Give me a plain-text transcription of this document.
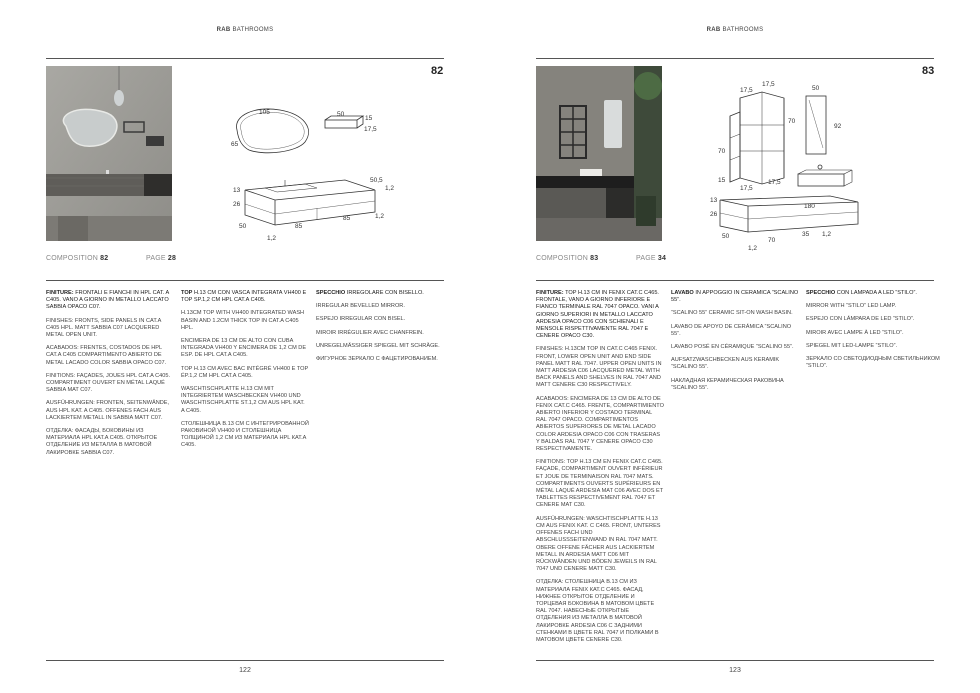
RAB BATHROOMS
82
105
65
50
15
17,5
13
26
50	85
85
50,5
1,2
1,2
1,2
COMPOSITION 82	PAGE 28

FINITURE: FRONTALI E FIANCHI IN HPL CAT. A C405. VANO A GIORNO IN METALLO LACCATO SABBIA OPACO C07.

FINISHES: FRONTS, SIDE PANELS IN CAT.A C405 HPL. MATT SABBIA C07 LACQUERED METAL OPEN UNIT.

ACABADOS: FRENTES, COSTADOS DE HPL CAT.A C405 COMPARTIMENTO ABIERTO DE METAL LACADO COLOR SABBIA OPACO C07.

FINITIONS: FAÇADES, JOUES HPL CAT.A C405. COMPARTIMENT OUVERT EN MÉTAL LAQUÉ SABBIA MAT C07.

AUSFÜHRUNGEN: FRONTEN, SEITENWÄNDE, AUS HPL KAT. A C405. OFFENES FACH AUS LACKIERTEM METALL IN SABBIA MATT C07.

ОТДЕЛКА: ФАСАДЫ, БОКОВИНЫ ИЗ МАТЕРИАЛА HPL КАТ.A C405. ОТКРЫТОЕ ОТДЕЛЕНИЕ ИЗ МЕТАЛЛА В МАТОВОЙ ЛАКИРОВКЕ SABBIA C07.

TOP H.13 CM CON VASCA INTEGRATA VH400 E TOP SP.1,2 CM HPL CAT.A C405.

H.13CM TOP WITH VH400 INTEGRATED WASH BASIN AND 1.2CM THICK TOP IN CAT.A C405 HPL.

ENCIMERA DE 13 CM DE ALTO CON CUBA INTEGRADA VH400 Y ENCIMERA DE 1,2 CM DE ESP. DE HPL CAT.A C405.

TOP H.13 CM AVEC BAC INTÉGRÉ VH400 E TOP ÉP.1,2 CM HPL CAT.A C405.

WASCHTISCHPLATTE H.13 CM MIT INTEGRIERTEM WASCHBECKEN VH400 UND WASCHTISCHPLATTE ST.1,2 CM AUS HPL KAT. A C405.

СТОЛЕШНИЦА В.13 СМ С ИНТЕГРИРОВАННОЙ РАКОВИНОЙ VH400 И СТОЛЕШНИЦА ТОЛЩИНОЙ 1,2 СМ ИЗ МАТЕРИАЛА HPL КАТ.A C405.

SPECCHIO IRREGOLARE CON BISELLO.

IRREGULAR BEVELLED MIRROR.

ESPEJO IRREGULAR CON BISEL.

MIROIR IRRÉGULIER AVEC CHANFREIN.

UNREGELMÄSSIGER SPIEGEL MIT SCHRÄGE.

ФИГУРНОЕ ЗЕРКАЛО С ФАЦЕТИРОВАНИЕМ.

122
RAB BATHROOMS
83
17,5
17,5
70
70
15
17,5
17,5
50
92
13
26
180
50
70
35 1,2
1,2
COMPOSITION 83	PAGE 34

FINITURE: TOP H.13 CM IN FENIX CAT.C C465. FRONTALE, VANO A GIORNO INFERIORE E FIANCO TERMINALE RAL 7047 OPACO. VANI A GIORNO SUPERIORI IN METALLO LACCATO ARDESIA OPACO C06 CON SCHIENALI E MENSOLE RISPETTIVAMENTE RAL 7047 E CENERE OPACO C30.

FINISHES: H.13CM TOP IN CAT.C C465 FENIX. FRONT, LOWER OPEN UNIT AND END SIDE PANEL MATT RAL 7047. UPPER OPEN UNITS IN MATT ARDESIA C06 LACQUERED METAL WITH BACK PANELS AND SHELVES IN RAL 7047 AND MATT CENERE C30 RESPECTIVELY.

ACABADOS: ENCIMERA DE 13 CM DE ALTO DE FENIX CAT.C C465. FRENTE, COMPARTIMIENTO ABIERTO INFERIOR Y COSTADO TERMINAL RAL 7047 OPACO. COMPARTIMENTOS ABIERTOS SUPERIORES DE METAL LACADO COLOR ARDESIA OPACO C06 CON TRASERAS Y BALDAS RAL 7047 Y CENERE OPACO C30 RESPECTIVAMENTE.

FINITIONS: TOP H.13 CM EN FENIX CAT.C C465. FAÇADE, COMPARTIMENT OUVERT INFÉRIEUR ET JOUE DE TERMINAISON RAL 7047 MATS. COMPARTIMENTS OUVERTS SUPÉRIEURS EN MÉTAL LAQUÉ ARDESIA MAT C06 AVEC DOS ET TABLETTES RESPECTIVEMENT RAL 7047 ET CENERE MAT C30.

AUSFÜHRUNGEN: WASCHTISCHPLATTE H.13 CM AUS FENIX KAT. C C465. FRONT, UNTERES OFFENES FACH UND ABSCHLUSSSEITENWAND IN RAL 7047 MATT. OBERE OFFENE FÄCHER AUS LACKIERTEM METALL IN ARDESIA MATT C06 MIT RÜCKWÄNDEN UND BÖDEN JEWEILS IN RAL 7047 UND CENERE MATT C30.

ОТДЕЛКА: СТОЛЕШНИЦА В.13 СМ ИЗ МАТЕРИАЛА FENIX КАТ.C C465. ФАСАД, НИЖНЕЕ ОТКРЫТОЕ ОТДЕЛЕНИЕ И ТОРЦЕВАЯ БОКОВИНА В МАТОВОМ ЦВЕТЕ RAL 7047. НАВЕСНЫЕ ОТКРЫТЫЕ ОТДЕЛЕНИЯ ИЗ МЕТАЛЛА В МАТОВОЙ ЛАКИРОВКЕ ARDESIA C06 С ЗАДНИМИ СТЕНКАМИ В ЦВЕТЕ RAL 7047 И ПОЛКАМИ В МАТОВОМ ЦВЕТЕ CENERE C30.

LAVABO IN APPOGGIO IN CERAMICA “SCALINO 55”.

“SCALINO 55” CERAMIC SIT-ON WASH BASIN.

LAVABO DE APOYO DE CERÁMICA “SCALINO 55”.

LAVABO POSÉ EN CÉRAMIQUE “SCALINO 55”.

AUFSATZWASCHBECKEN AUS KERAMIK “SCALINO 55”.

НАКЛАДНАЯ КЕРАМИЧЕСКАЯ РАКОВИНА “SCALINO 55”.

SPECCHIO CON LAMPADA A LED “STILO”.

MIRROR WITH “STILO” LED LAMP.

ESPEJO CON LÁMPARA DE LED “STILO”.

MIROIR AVEC LAMPE À LED “STILO”.

SPIEGEL MIT LED-LAMPE “STILO”.

ЗЕРКАЛО СО СВЕТОДИОДНЫМ СВЕТИЛЬНИКОМ “STILO”.

123
